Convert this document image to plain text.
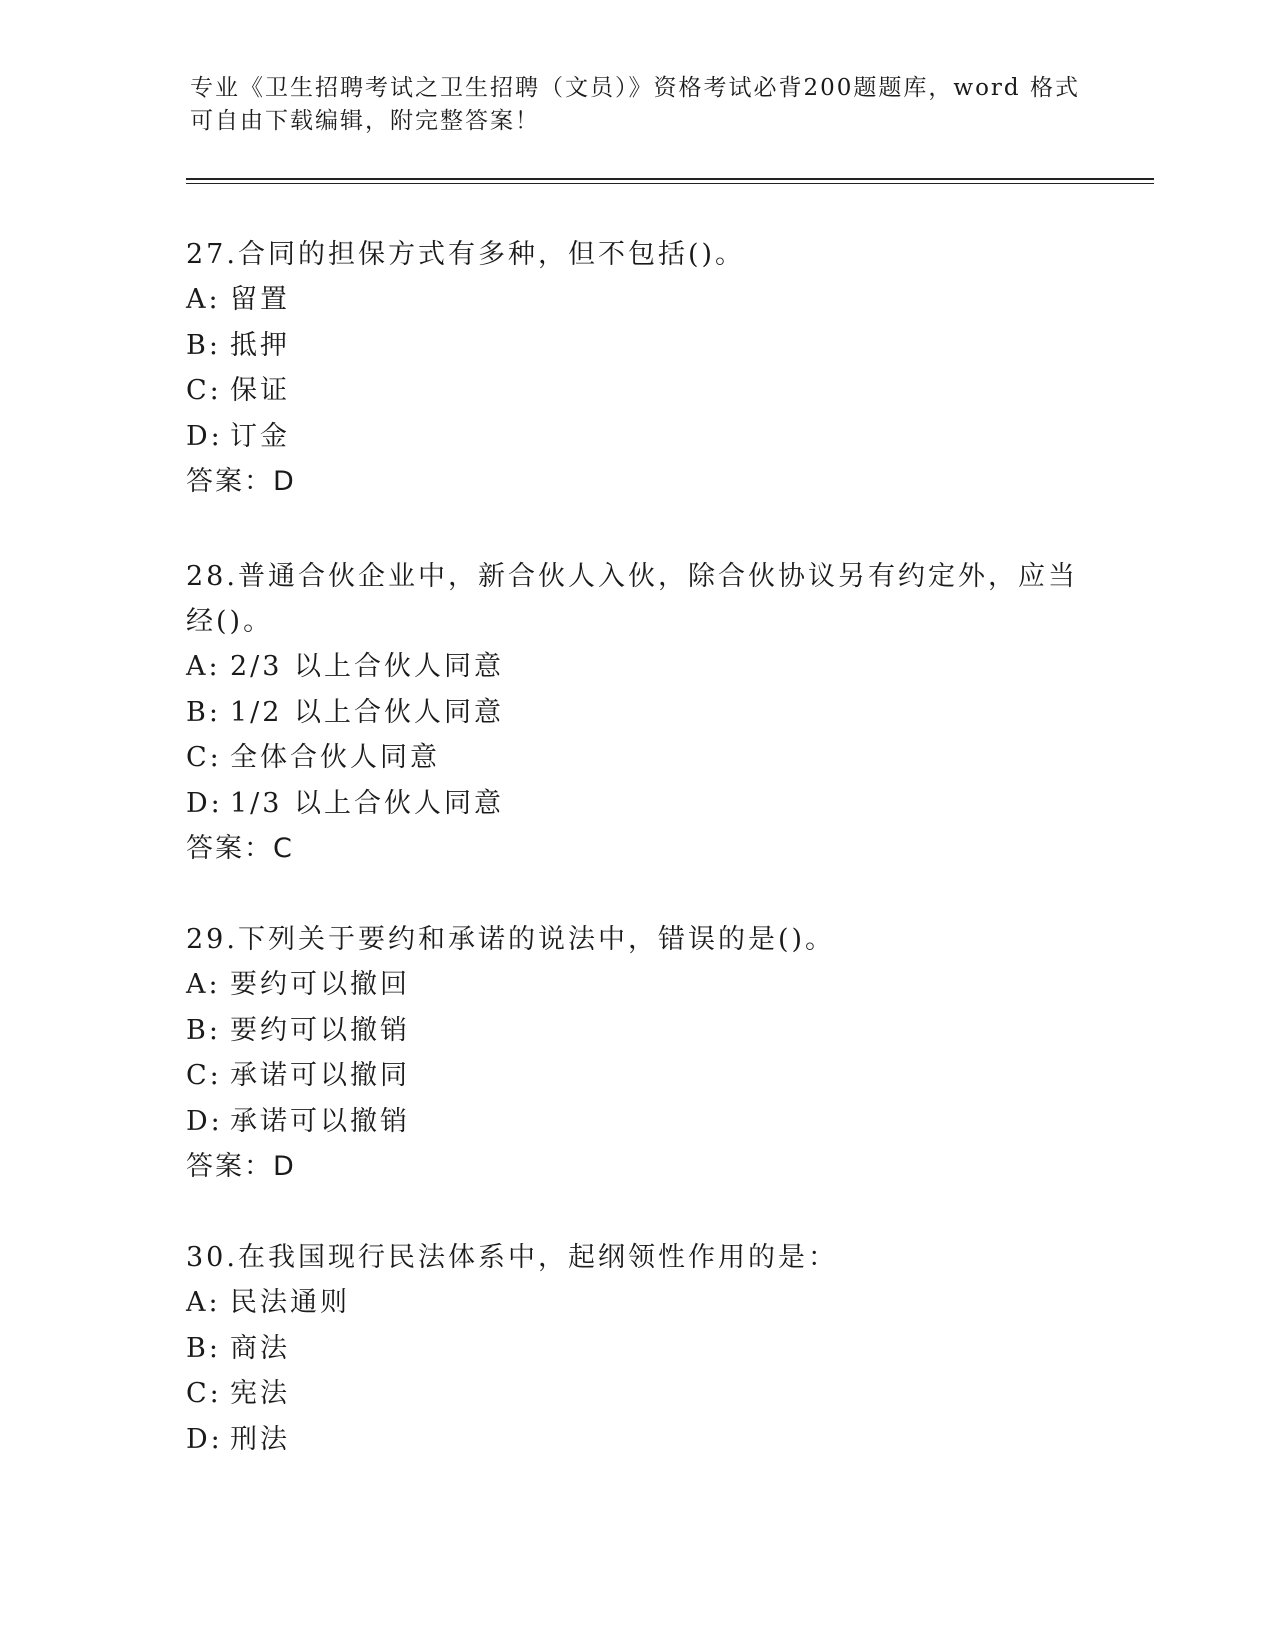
专业《卫生招聘考试之卫生招聘（文员）》资格考试必背200题题库，word 格式
可自由下载编辑，附完整答案！
27.合同的担保方式有多种，但不包括()。
A: 留置
B: 抵押
C: 保证
D: 订金
答案：D
28.普通合伙企业中，新合伙人入伙，除合伙协议另有约定外，应当经()。
A: 2/3 以上合伙人同意
B: 1/2 以上合伙人同意
C: 全体合伙人同意
D: 1/3 以上合伙人同意
答案：C
29.下列关于要约和承诺的说法中，错误的是()。
A: 要约可以撤回
B: 要约可以撤销
C: 承诺可以撤同
D: 承诺可以撤销
答案：D
30.在我国现行民法体系中，起纲领性作用的是：
A: 民法通则
B: 商法
C: 宪法
D: 刑法
